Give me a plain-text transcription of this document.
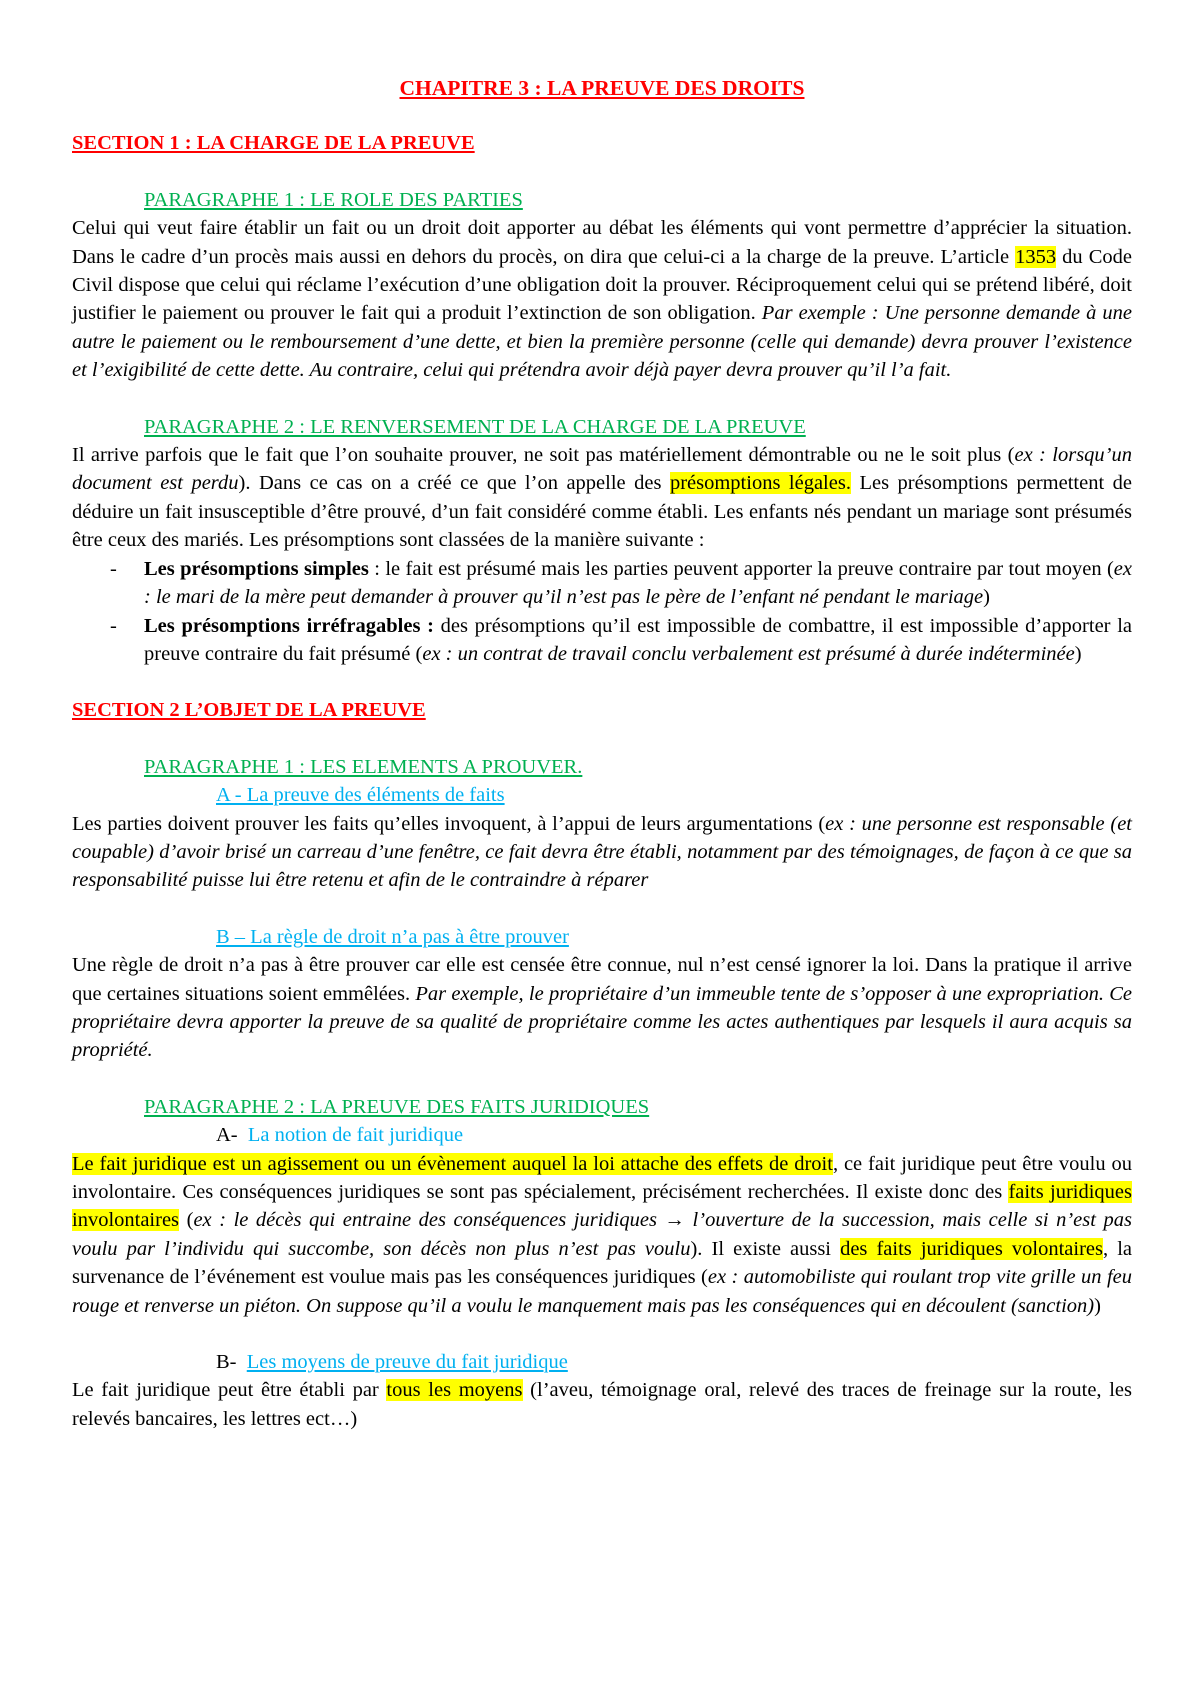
CHAPITRE 3 : LA PREUVE DES DROITS

SECTION 1 : LA CHARGE DE LA PREUVE

PARAGRAPHE 1 : LE ROLE DES PARTIES

Celui qui veut faire établir un fait ou un droit doit apporter au débat les éléments qui vont permettre d’apprécier la situation. Dans le cadre d’un procès mais aussi en dehors du procès, on dira que celui-ci a la charge de la preuve. L’article 1353 du Code Civil dispose que celui qui réclame l’exécution d’une obligation doit la prouver. Réciproquement celui qui se prétend libéré, doit justifier le paiement ou prouver le fait qui a produit l’extinction de son obligation. Par exemple : Une personne demande à une autre le paiement ou le remboursement d’une dette, et bien la première personne (celle qui demande) devra prouver l’existence et l’exigibilité de cette dette. Au contraire, celui qui prétendra avoir déjà payer devra prouver qu’il l’a fait.

PARAGRAPHE 2 : LE RENVERSEMENT DE LA CHARGE DE LA PREUVE

Il arrive parfois que le fait que l’on souhaite prouver, ne soit pas matériellement démontrable ou ne le soit plus (ex : lorsqu’un document est perdu). Dans ce cas on a créé ce que l’on appelle des présomptions légales. Les présomptions permettent de déduire un fait insusceptible d’être prouvé, d’un fait considéré comme établi. Les enfants nés pendant un mariage sont présumés être ceux des mariés. Les présomptions sont classées de la manière suivante :

- Les présomptions simples : le fait est présumé mais les parties peuvent apporter la preuve contraire par tout moyen (ex : le mari de la mère peut demander à prouver qu’il n’est pas le père de l’enfant né pendant le mariage)
- Les présomptions irréfragables : des présomptions qu’il est impossible de combattre, il est impossible d’apporter la preuve contraire du fait présumé (ex : un contrat de travail conclu verbalement est présumé à durée indéterminée)

SECTION 2 L’OBJET DE LA PREUVE

PARAGRAPHE 1 : LES ELEMENTS A PROUVER.

A - La preuve des éléments de faits

Les parties doivent prouver les faits qu’elles invoquent, à l’appui de leurs argumentations (ex : une personne est responsable (et coupable) d’avoir brisé un carreau d’une fenêtre, ce fait devra être établi, notamment par des témoignages, de façon à ce que sa responsabilité puisse lui être retenu et afin de le contraindre à réparer

B – La règle de droit n’a pas à être prouver

Une règle de droit n’a pas à être prouver car elle est censée être connue, nul n’est censé ignorer la loi. Dans la pratique il arrive que certaines situations soient emmêlées. Par exemple, le propriétaire d’un immeuble tente de s’opposer à une expropriation. Ce propriétaire devra apporter la preuve de sa qualité de propriétaire comme les actes authentiques par lesquels il aura acquis sa propriété.

PARAGRAPHE 2 : LA PREUVE DES FAITS JURIDIQUES

A- La notion de fait juridique

Le fait juridique est un agissement ou un évènement auquel la loi attache des effets de droit, ce fait juridique peut être voulu ou involontaire. Ces conséquences juridiques se sont pas spécialement, précisément recherchées. Il existe donc des faits juridiques involontaires (ex : le décès qui entraine des conséquences juridiques → l’ouverture de la succession, mais celle si n’est pas voulu par l’individu qui succombe, son décès non plus n’est pas voulu). Il existe aussi des faits juridiques volontaires, la survenance de l’événement est voulue mais pas les conséquences juridiques (ex : automobiliste qui roulant trop vite grille un feu rouge et renverse un piéton. On suppose qu’il a voulu le manquement mais pas les conséquences qui en découlent (sanction))

B- Les moyens de preuve du fait juridique

Le fait juridique peut être établi par tous les moyens (l’aveu, témoignage oral, relevé des traces de freinage sur la route, les relevés bancaires, les lettres ect…)
